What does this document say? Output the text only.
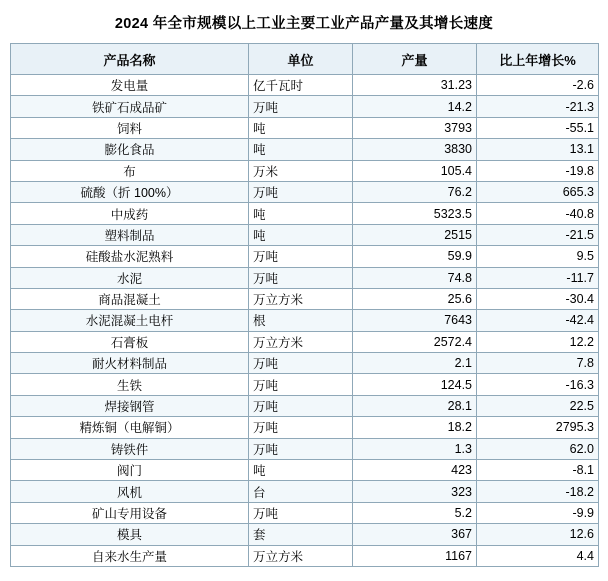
2024 年全市规模以上工业主要工业产品产量及其增长速度
产品名称	单位	产量	比上年增长%
发电量	亿千瓦时	31.23	-2.6
铁矿石成品矿	万吨	14.2	-21.3
饲料	吨	3793	-55.1
膨化食品	吨	3830	13.1
布	万米	105.4	-19.8
硫酸（折 100%）	万吨	76.2	665.3
中成药	吨	5323.5	-40.8
塑料制品	吨	2515	-21.5
硅酸盐水泥熟料	万吨	59.9	9.5
水泥	万吨	74.8	-11.7
商品混凝土	万立方米	25.6	-30.4
水泥混凝土电杆	根	7643	-42.4
石膏板	万立方米	2572.4	12.2
耐火材料制品	万吨	2.1	7.8
生铁	万吨	124.5	-16.3
焊接钢管	万吨	28.1	22.5
精炼铜（电解铜）	万吨	18.2	2795.3
铸铁件	万吨	1.3	62.0
阀门	吨	423	-8.1
风机	台	323	-18.2
矿山专用设备	万吨	5.2	-9.9
模具	套	367	12.6
自来水生产量	万立方米	1167	4.4
